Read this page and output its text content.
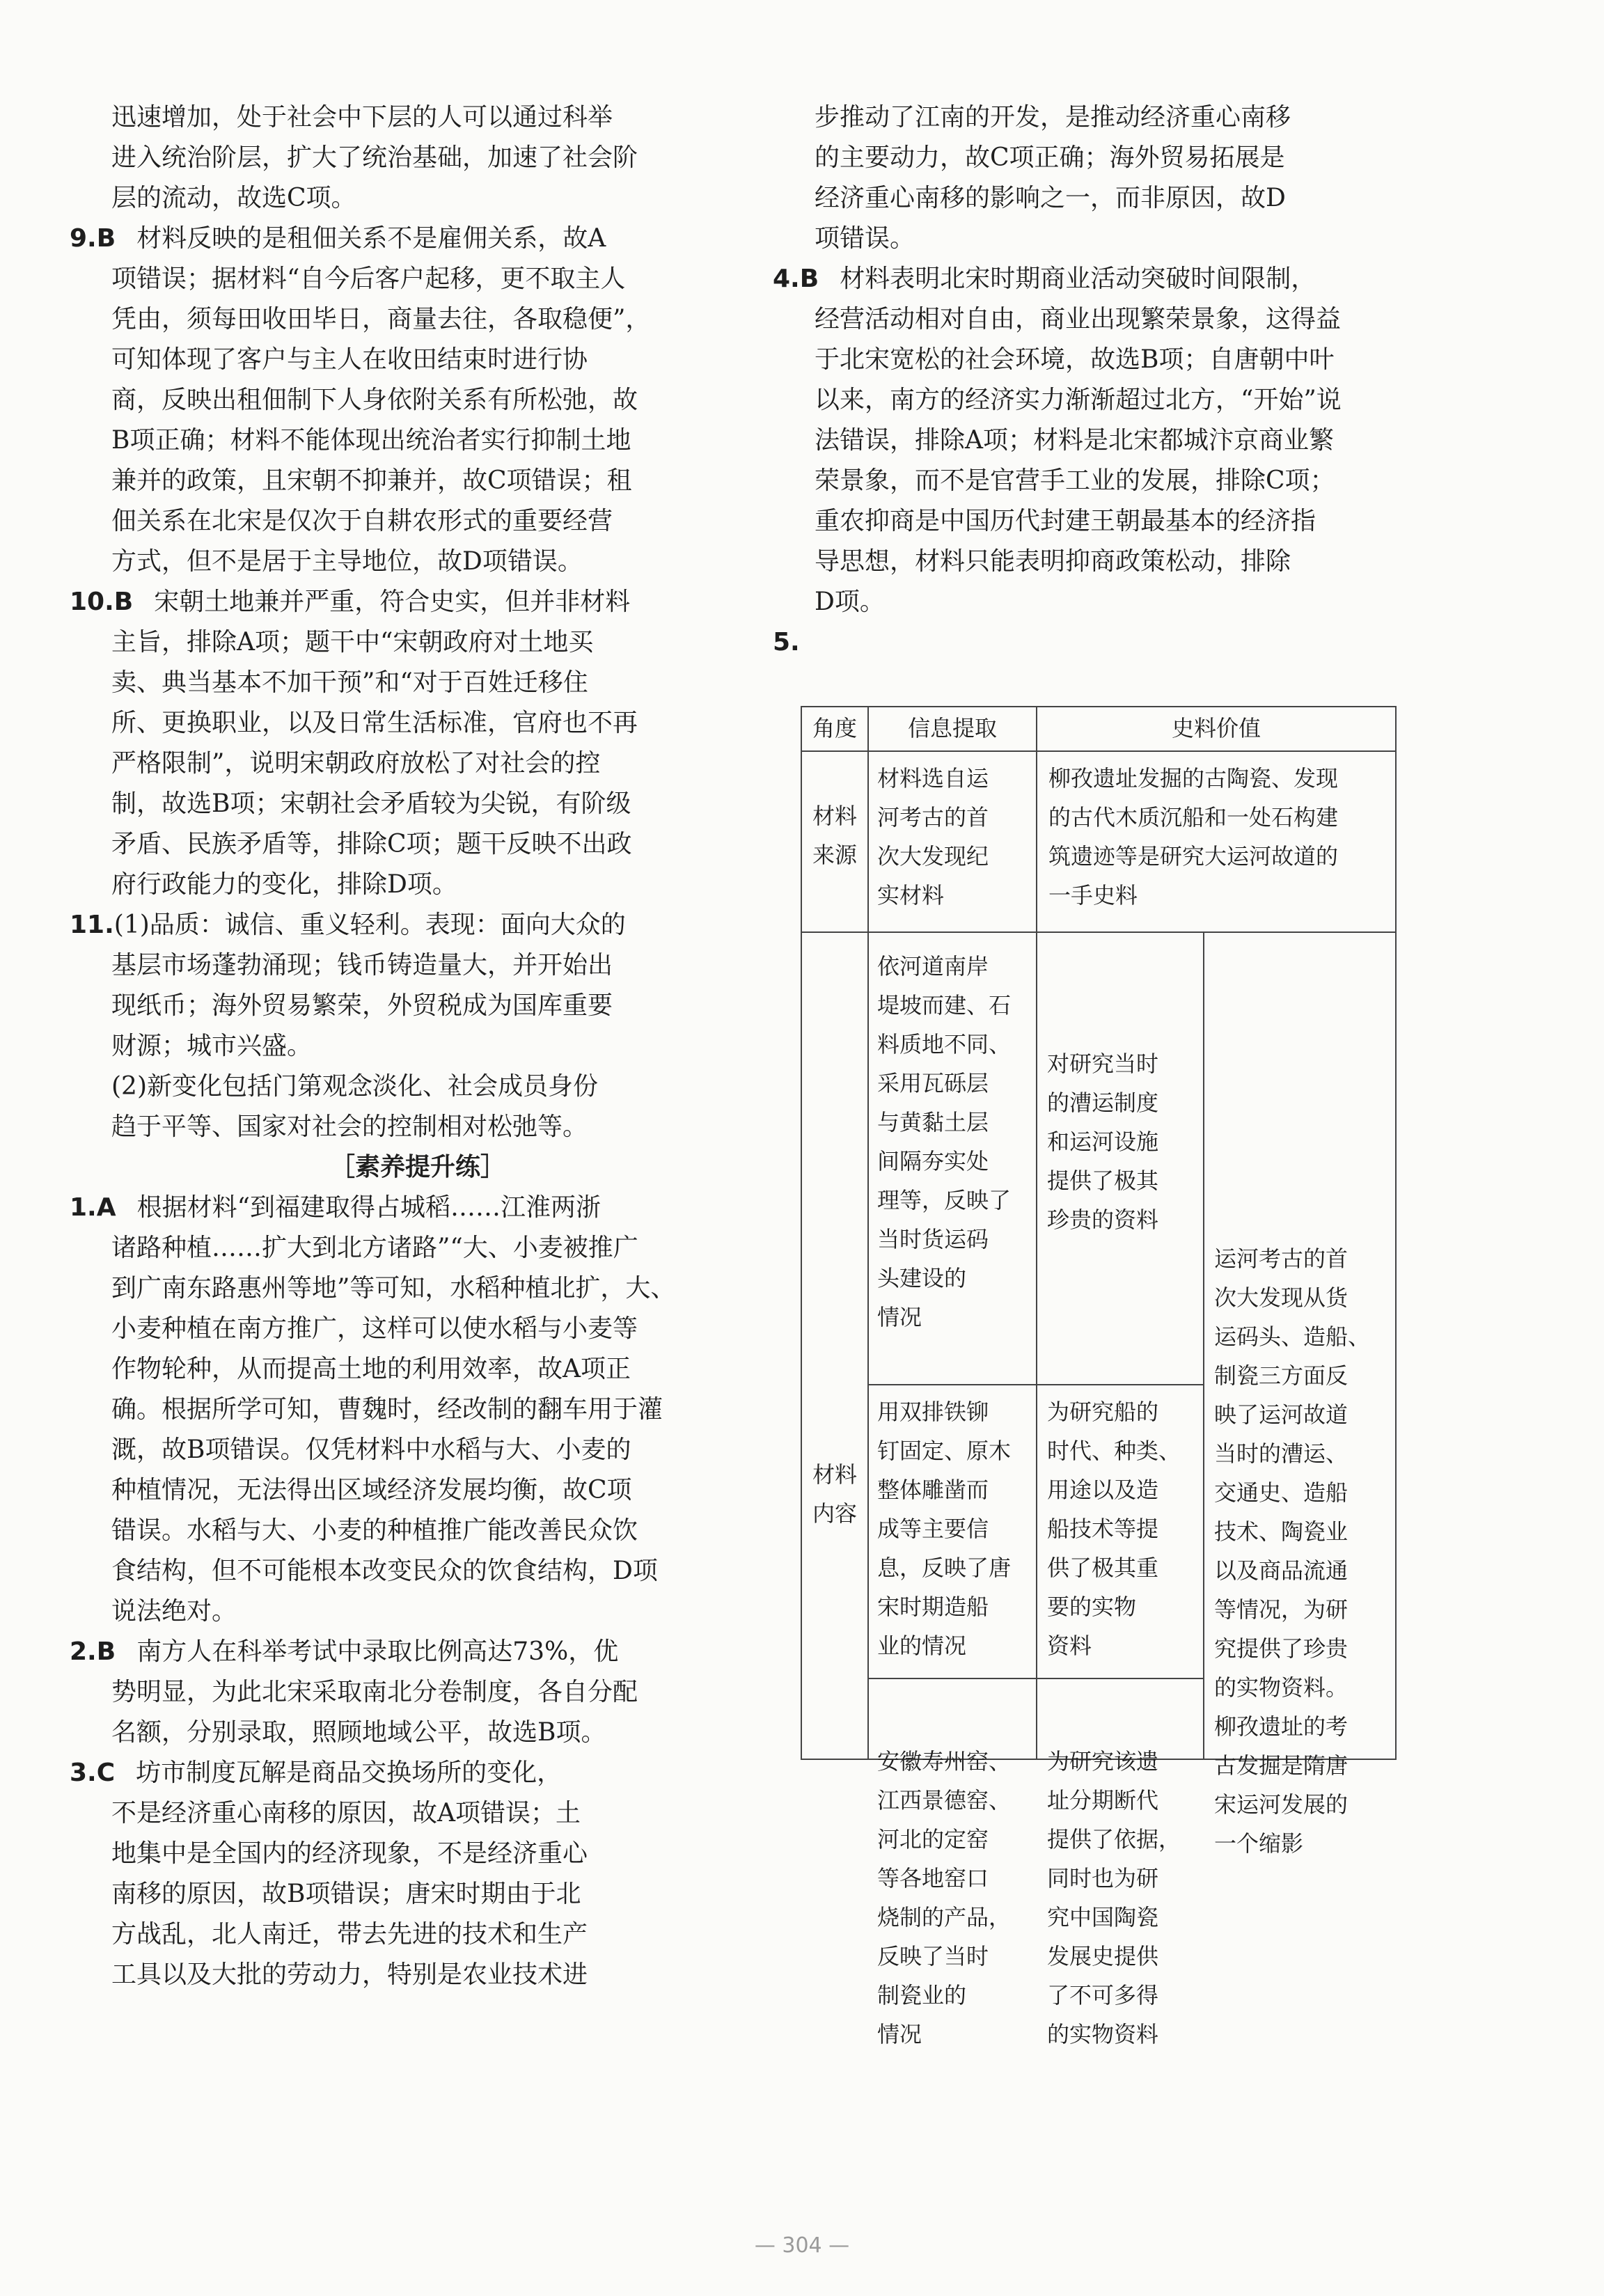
迅速增加，处于社会中下层的人可以通过科举
进入统治阶层，扩大了统治基础，加速了社会阶
层的流动，故选C项。
9.B 材料反映的是租佃关系不是雇佣关系，故A
项错误；据材料“自今后客户起移，更不取主人
凭由，须每田收田毕日，商量去往，各取稳便”，
可知体现了客户与主人在收田结束时进行协
商，反映出租佃制下人身依附关系有所松弛，故
B项正确；材料不能体现出统治者实行抑制土地
兼并的政策，且宋朝不抑兼并，故C项错误；租
佃关系在北宋是仅次于自耕农形式的重要经营
方式，但不是居于主导地位，故D项错误。
10.B 宋朝土地兼并严重，符合史实，但并非材料
主旨，排除A项；题干中“宋朝政府对土地买
卖、典当基本不加干预”和“对于百姓迁移住
所、更换职业，以及日常生活标准，官府也不再
严格限制”，说明宋朝政府放松了对社会的控
制，故选B项；宋朝社会矛盾较为尖锐，有阶级
矛盾、民族矛盾等，排除C项；题干反映不出政
府行政能力的变化，排除D项。
11.(1)品质：诚信、重义轻利。表现：面向大众的
基层市场蓬勃涌现；钱币铸造量大，并开始出
现纸币；海外贸易繁荣，外贸税成为国库重要
财源；城市兴盛。
(2)新变化包括门第观念淡化、社会成员身份
趋于平等、国家对社会的控制相对松弛等。
［素养提升练］
1.A 根据材料“到福建取得占城稻……江淮两浙
诸路种植……扩大到北方诸路”“大、小麦被推广
到广南东路惠州等地”等可知，水稻种植北扩，大、
小麦种植在南方推广，这样可以使水稻与小麦等
作物轮种，从而提高土地的利用效率，故A项正
确。根据所学可知，曹魏时，经改制的翻车用于灌
溉，故B项错误。仅凭材料中水稻与大、小麦的
种植情况，无法得出区域经济发展均衡，故C项
错误。水稻与大、小麦的种植推广能改善民众饮
食结构，但不可能根本改变民众的饮食结构，D项
说法绝对。
2.B 南方人在科举考试中录取比例高达73%，优
势明显，为此北宋采取南北分卷制度，各自分配
名额，分别录取，照顾地域公平，故选B项。
3.C 坊市制度瓦解是商品交换场所的变化，
不是经济重心南移的原因，故A项错误；土
地集中是全国内的经济现象，不是经济重心
南移的原因，故B项错误；唐宋时期由于北
方战乱，北人南迁，带去先进的技术和生产
工具以及大批的劳动力，特别是农业技术进
步推动了江南的开发，是推动经济重心南移
的主要动力，故C项正确；海外贸易拓展是
经济重心南移的影响之一，而非原因，故D
项错误。
4.B 材料表明北宋时期商业活动突破时间限制，
经营活动相对自由，商业出现繁荣景象，这得益
于北宋宽松的社会环境，故选B项；自唐朝中叶
以来，南方的经济实力渐渐超过北方，“开始”说
法错误，排除A项；材料是北宋都城汴京商业繁
荣景象，而不是官营手工业的发展，排除C项；
重农抑商是中国历代封建王朝最基本的经济指
导思想，材料只能表明抑商政策松动，排除
D项。
5.
角度	信息提取	史料价值
材料
来源
材料选自运
河考古的首
次大发现纪
实材料
柳孜遗址发掘的古陶瓷、发现
的古代木质沉船和一处石构建
筑遗迹等是研究大运河故道的
一手史料
材料
内容
依河道南岸
堤坡而建、石
料质地不同、
采用瓦砾层
与黄黏土层
间隔夯实处
理等，反映了
当时货运码
头建设的
情况
对研究当时
的漕运制度
和运河设施
提供了极其
珍贵的资料
用双排铁铆
钉固定、原木
整体雕凿而
成等主要信
息，反映了唐
宋时期造船
业的情况
为研究船的
时代、种类、
用途以及造
船技术等提
供了极其重
要的实物
资料
安徽寿州窑、
江西景德窑、
河北的定窑
等各地窑口
烧制的产品，
反映了当时
制瓷业的
情况
为研究该遗
址分期断代
提供了依据，
同时也为研
究中国陶瓷
发展史提供
了不可多得
的实物资料
运河考古的首
次大发现从货
运码头、造船、
制瓷三方面反
映了运河故道
当时的漕运、
交通史、造船
技术、陶瓷业
以及商品流通
等情况，为研
究提供了珍贵
的实物资料。
柳孜遗址的考
古发掘是隋唐
宋运河发展的
一个缩影
— 304 —
